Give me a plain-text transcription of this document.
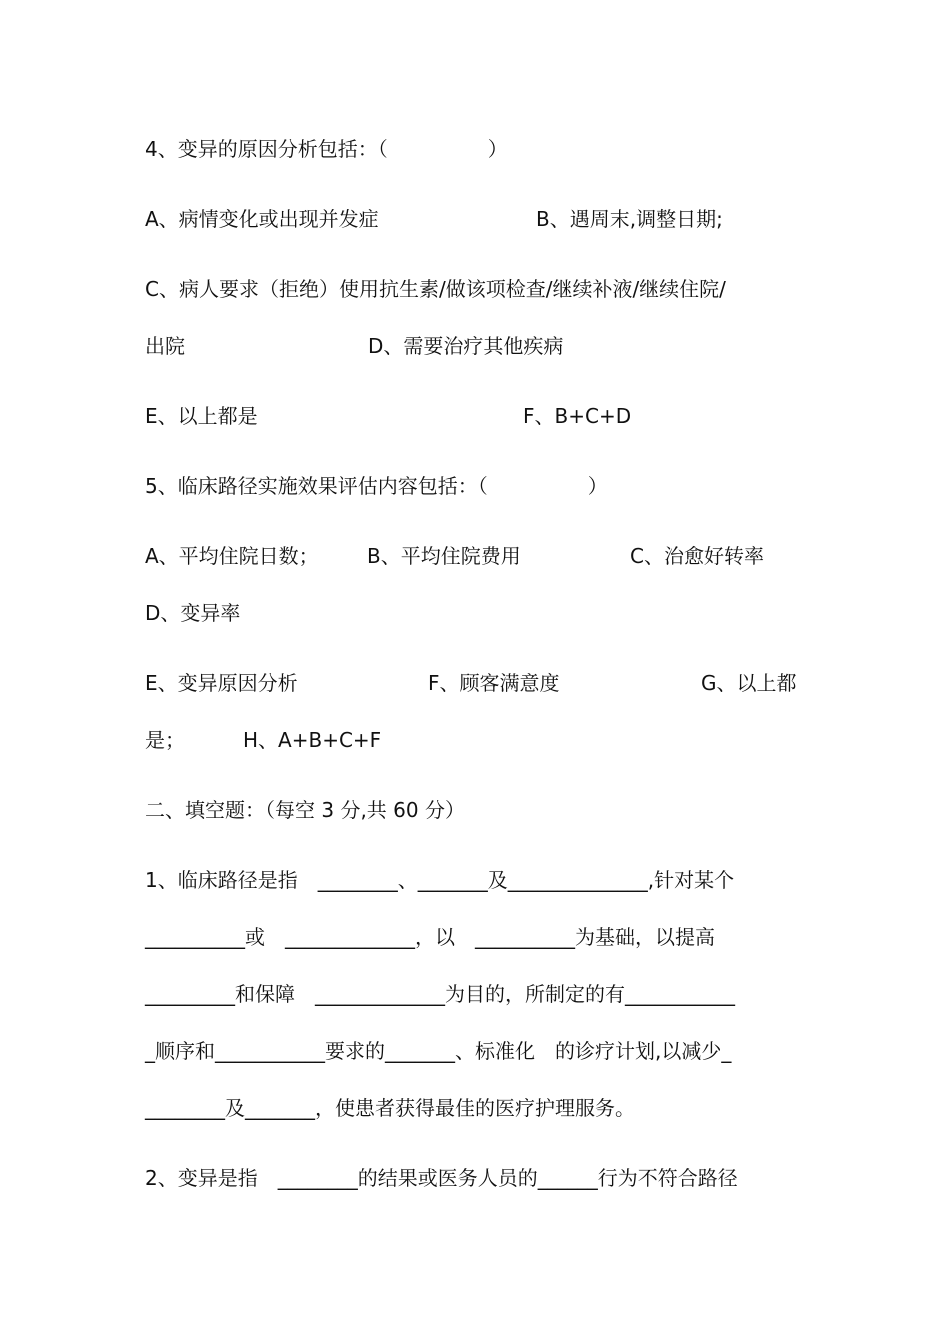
4、变异的原因分析包括：（　　　　　）

A、病情变化或出现并发症

	B、遇周末,调整日期;

C、病人要求（拒绝）使用抗生素/做该项检查/继续补液/继续住院/

出院

	D、需要治疗其他疾病

E、以上都是

	F、B+C+D

5、临床路径实施效果评估内容包括：（　　　　　）

A、平均住院日数；

B、平均住院费用

	C、治愈好转率

D、变异率

E、变异原因分析

	F、顾客满意度

	G、以上都

是；

	H、A+B+C+F

二、填空题：（每空 3 分,共 60 分）

1、临床路径是指　________、_______及______________,针对某个

__________或　_____________，以　__________为基础，以提高

_________和保障　_____________为目的，所制定的有___________

_顺序和___________要求的_______、标准化　的诊疗计划,以减少_

________及_______，使患者获得最佳的医疗护理服务。

2、变异是指　________的结果或医务人员的______行为不符合路径
